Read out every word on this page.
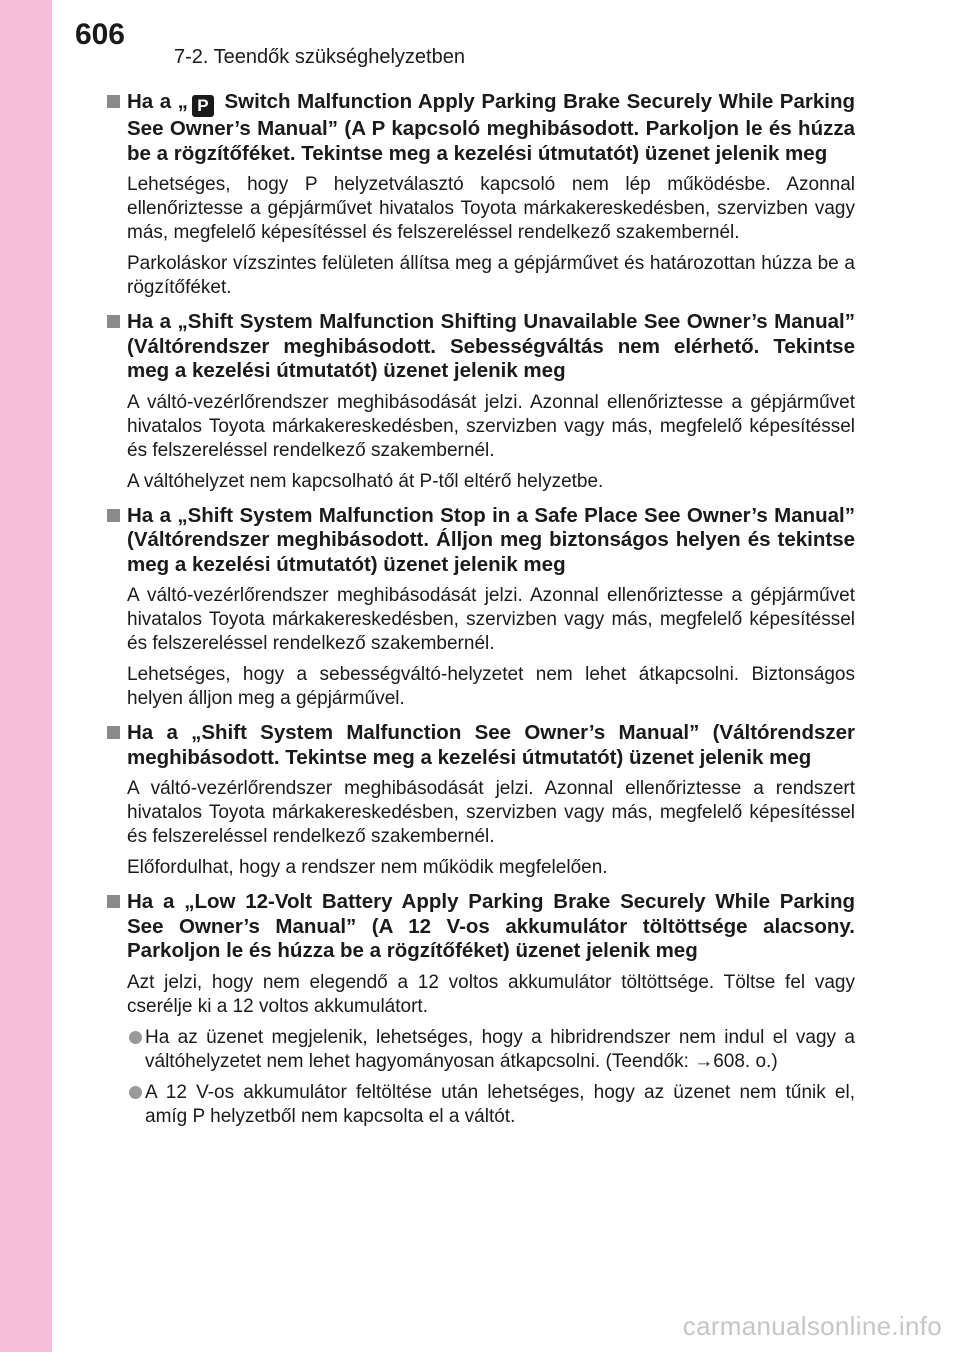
606
7-2. Teendők szükséghelyzetben
Ha a „ P Switch Malfunction Apply Parking Brake Securely While Parking See Owner’s Manual” (A P kapcsoló meghibásodott. Parkoljon le és húzza be a rögzítőféket. Tekintse meg a kezelési útmutatót) üzenet jelenik meg
Lehetséges, hogy P helyzetválasztó kapcsoló nem lép működésbe. Azonnal ellenőriztesse a gépjárművet hivatalos Toyota márkakereskedésben, szervizben vagy más, megfelelő képesítéssel és felszereléssel rendelkező szakembernél.
Parkoláskor vízszintes felületen állítsa meg a gépjárművet és határozottan húzza be a rögzítőféket.
Ha a „Shift System Malfunction Shifting Unavailable See Owner’s Manual” (Váltórendszer meghibásodott. Sebességváltás nem elérhető. Tekintse meg a kezelési útmutatót) üzenet jelenik meg
A váltó-vezérlőrendszer meghibásodását jelzi. Azonnal ellenőriztesse a gépjárművet hivatalos Toyota márkakereskedésben, szervizben vagy más, megfelelő képesítéssel és felszereléssel rendelkező szakembernél.
A váltóhelyzet nem kapcsolható át P-től eltérő helyzetbe.
Ha a „Shift System Malfunction Stop in a Safe Place See Owner’s Manual” (Váltórendszer meghibásodott. Álljon meg biztonságos helyen és tekintse meg a kezelési útmutatót) üzenet jelenik meg
A váltó-vezérlőrendszer meghibásodását jelzi. Azonnal ellenőriztesse a gépjárművet hivatalos Toyota márkakereskedésben, szervizben vagy más, megfelelő képesítéssel és felszereléssel rendelkező szakembernél.
Lehetséges, hogy a sebességváltó-helyzetet nem lehet átkapcsolni. Biztonságos helyen álljon meg a gépjárművel.
Ha a „Shift System Malfunction See Owner’s Manual” (Váltórendszer meghibásodott. Tekintse meg a kezelési útmutatót) üzenet jelenik meg
A váltó-vezérlőrendszer meghibásodását jelzi. Azonnal ellenőriztesse a rendszert hivatalos Toyota márkakereskedésben, szervizben vagy más, megfelelő képesítéssel és felszereléssel rendelkező szakembernél.
Előfordulhat, hogy a rendszer nem működik megfelelően.
Ha a „Low 12-Volt Battery Apply Parking Brake Securely While Parking See Owner’s Manual” (A 12 V-os akkumulátor töltöttsége alacsony. Parkoljon le és húzza be a rögzítőféket) üzenet jelenik meg
Azt jelzi, hogy nem elegendő a 12 voltos akkumulátor töltöttsége. Töltse fel vagy cserélje ki a 12 voltos akkumulátort.
Ha az üzenet megjelenik, lehetséges, hogy a hibridrendszer nem indul el vagy a váltóhelyzetet nem lehet hagyományosan átkapcsolni. (Teendők: →608. o.)
A 12 V-os akkumulátor feltöltése után lehetséges, hogy az üzenet nem tűnik el, amíg P helyzetből nem kapcsolta el a váltót.
carmanualsonline.info
